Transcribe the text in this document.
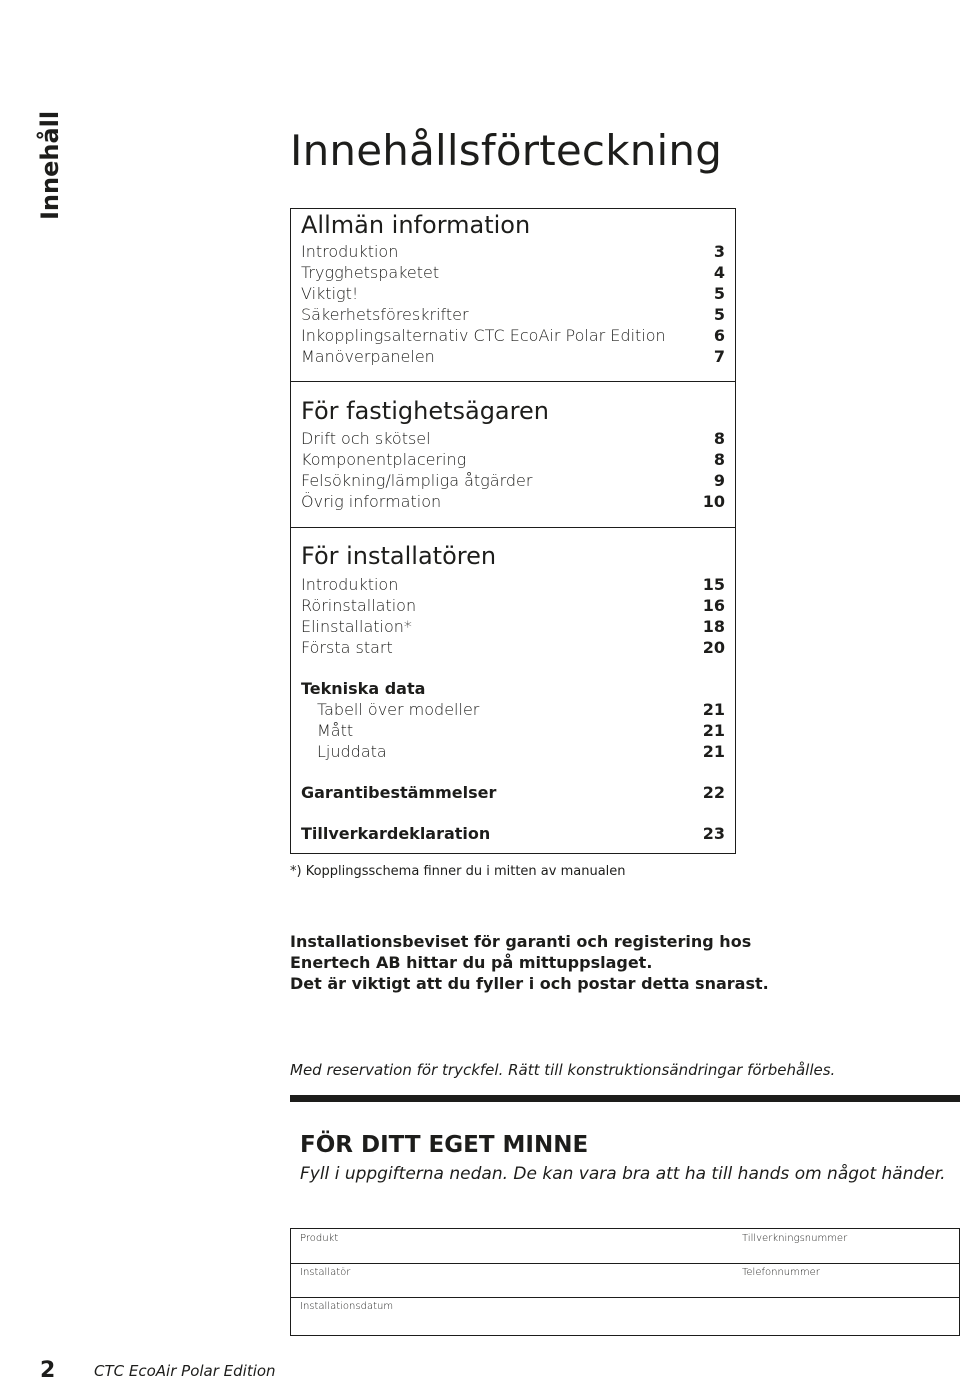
Innehåll	Innehållsförteckning
Allmän information
Introduktion	3
Trygghetspaketet	4
Viktigt!	5
Säkerhetsföreskrifter	5
Inkopplingsalternativ CTC EcoAir Polar Edition	6
Manöverpanelen	7
För fastighetsägaren
Drift och skötsel	8
Komponentplacering	8
Felsökning/lämpliga åtgärder	9
Övrig information	10
För installatören
Introduktion	15
Rörinstallation	16
Elinstallation*	18
Första start	20
Tekniska data
Tabell över modeller	21
Mått	21
Ljuddata	21
Garantibestämmelser	22
Tillverkardeklaration	23
*) Kopplingsschema finner du i mitten av manualen
Installationsbeviset för garanti och registering hos
Enertech AB hittar du på mittuppslaget.
Det är viktigt att du fyller i och postar detta snarast.
Med reservation för tryckfel. Rätt till konstruktionsändringar förbehålles.
FÖR DITT EGET MINNE
Fyll i uppgifterna nedan. De kan vara bra att ha till hands om något händer.
Produkt	Tillverkningsnummer
Installatör	Telefonnummer
Installationsdatum
2	CTC EcoAir Polar Edition
